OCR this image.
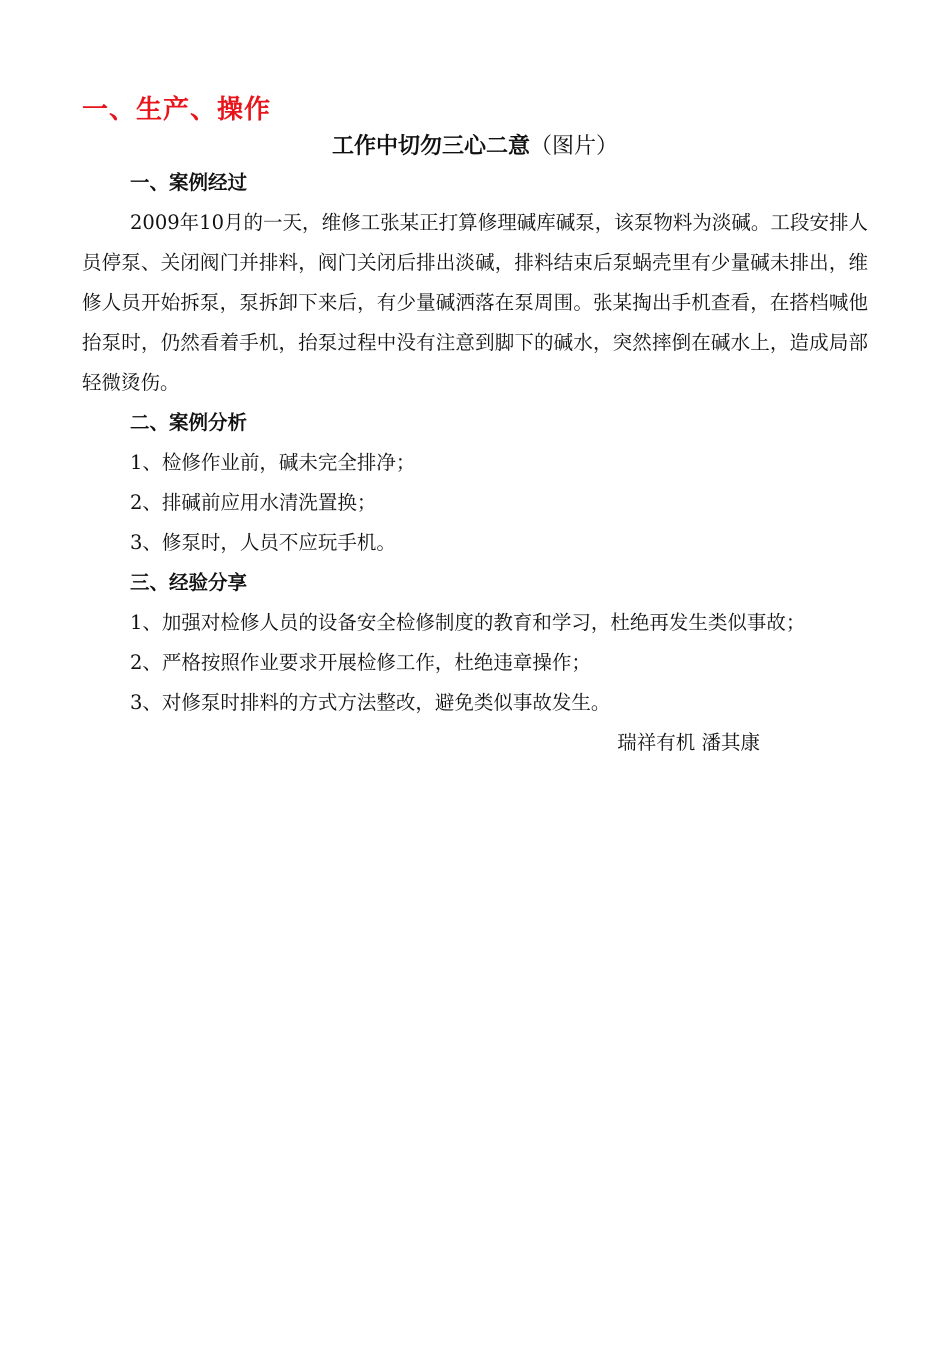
一、生产、操作
工作中切勿三心二意（图片）

一、案例经过

2009年10月的一天，维修工张某正打算修理碱库碱泵，该泵物料为淡碱。工段安排人员停泵、关闭阀门并排料，阀门关闭后排出淡碱，排料结束后泵蜗壳里有少量碱未排出，维修人员开始拆泵，泵拆卸下来后，有少量碱洒落在泵周围。张某掏出手机查看，在搭档喊他抬泵时，仍然看着手机，抬泵过程中没有注意到脚下的碱水，突然摔倒在碱水上，造成局部轻微烫伤。

二、案例分析

1、检修作业前，碱未完全排净；

2、排碱前应用水清洗置换；

3、修泵时，人员不应玩手机。

三、经验分享

1、加强对检修人员的设备安全检修制度的教育和学习，杜绝再发生类似事故；

2、严格按照作业要求开展检修工作，杜绝违章操作；

3、对修泵时排料的方式方法整改，避免类似事故发生。

瑞祥有机 潘其康
